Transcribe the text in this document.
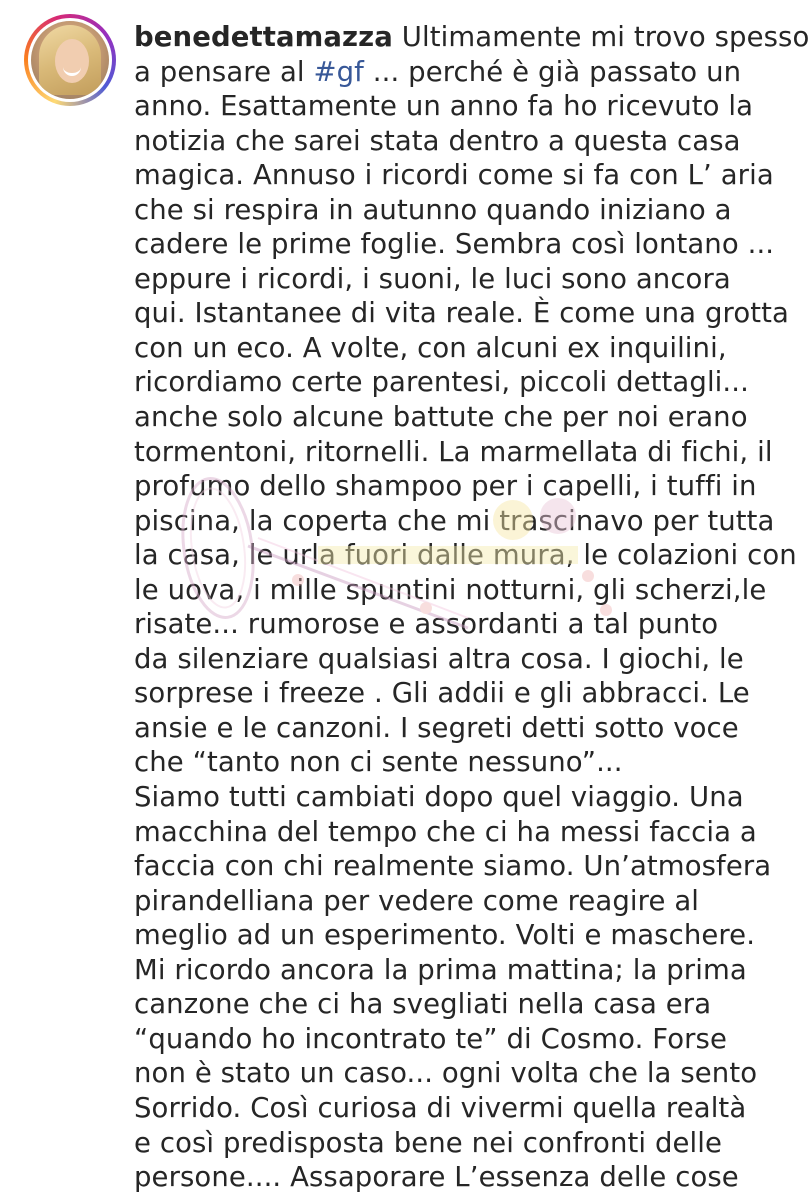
benedettamazza Ultimamente mi trovo spesso
a pensare al #gf ... perché è già passato un
anno. Esattamente un anno fa ho ricevuto la
notizia che sarei stata dentro a questa casa
magica. Annuso i ricordi come si fa con L’ aria
che si respira in autunno quando iniziano a
cadere le prime foglie. Sembra così lontano ...
eppure i ricordi, i suoni, le luci sono ancora
qui. Istantanee di vita reale. È come una grotta
con un eco. A volte, con alcuni ex inquilini,
ricordiamo certe parentesi, piccoli dettagli...
anche solo alcune battute che per noi erano
tormentoni, ritornelli. La marmellata di fichi, il
profumo dello shampoo per i capelli, i tuffi in
piscina, la coperta che mi trascinavo per tutta
la casa, le urla fuori dalle mura, le colazioni con
le uova, i mille spuntini notturni, gli scherzi,le
risate... rumorose e assordanti a tal punto
da silenziare qualsiasi altra cosa. I giochi, le
sorprese i freeze . Gli addii e gli abbracci. Le
ansie e le canzoni. I segreti detti sotto voce
che “tanto non ci sente nessuno”...
Siamo tutti cambiati dopo quel viaggio. Una
macchina del tempo che ci ha messi faccia a
faccia con chi realmente siamo. Un’atmosfera
pirandelliana per vedere come reagire al
meglio ad un esperimento. Volti e maschere.
Mi ricordo ancora la prima mattina; la prima
canzone che ci ha svegliati nella casa era
“quando ho incontrato te” di Cosmo. Forse
non è stato un caso... ogni volta che la sento
Sorrido. Così curiosa di vivermi quella realtà
e così predisposta bene nei confronti delle
persone.... Assaporare L’essenza delle cose
